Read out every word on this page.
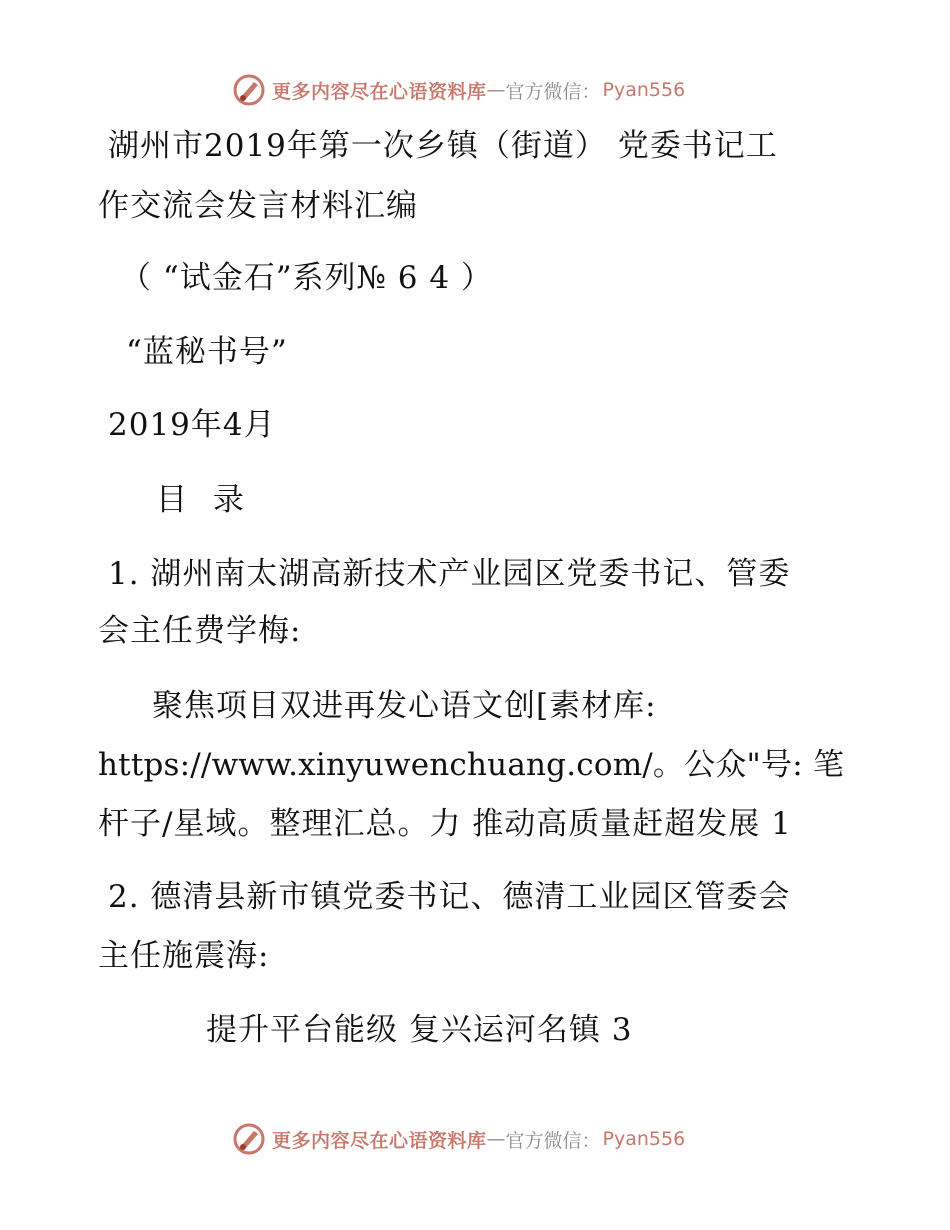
更多内容尽在心语资料库 — 官方微信： Pyan556
湖州市2019年第一次乡镇（街道） 党委书记工
作交流会发言材料汇编
（ “试金石”系列№ 6 4 ）
“蓝秘书号”
2019年4月
目 录
1. 湖州南太湖高新技术产业园区党委书记、管委
会主任费学梅:
聚焦项目双进再发心语文创[素材库:
https://www.xinyuwenchuang.com/。公众"号: 笔
杆子/星域。整理汇总。力 推动高质量赶超发展 1
2. 德清县新市镇党委书记、德清工业园区管委会
主任施震海:
提升平台能级 复兴运河名镇 3
更多内容尽在心语资料库 — 官方微信： Pyan556
